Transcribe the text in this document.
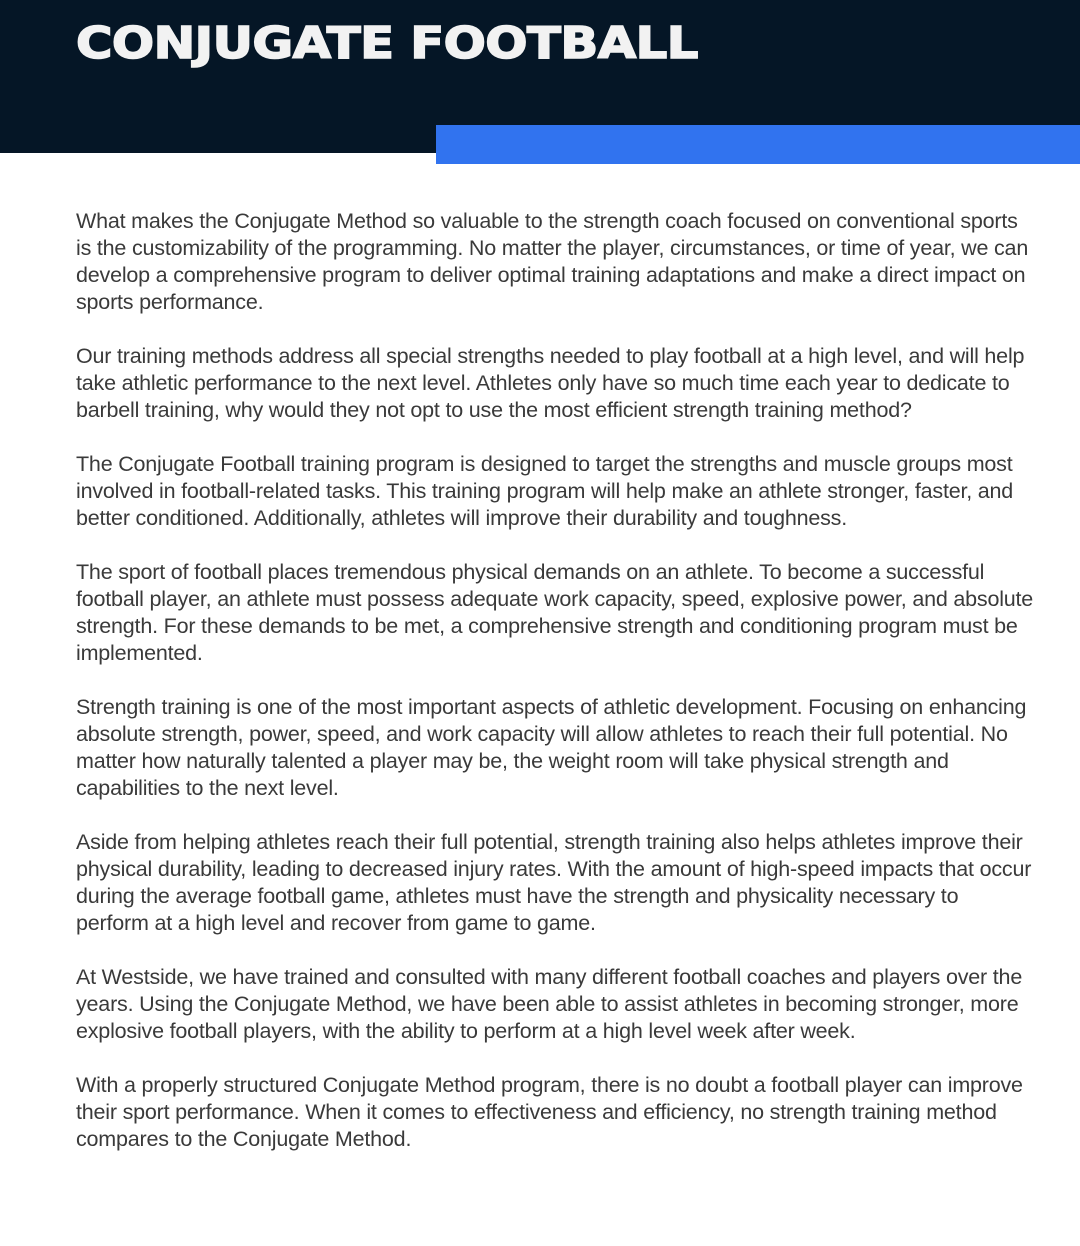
CONJUGATE FOOTBALL

What makes the Conjugate Method so valuable to the strength coach focused on conventional sports is the customizability of the programming. No matter the player, circumstances, or time of year, we can develop a comprehensive program to deliver optimal training adaptations and make a direct impact on sports performance.

Our training methods address all special strengths needed to play football at a high level, and will help take athletic performance to the next level. Athletes only have so much time each year to dedicate to barbell training, why would they not opt to use the most efficient strength training method?

The Conjugate Football training program is designed to target the strengths and muscle groups most involved in football-related tasks. This training program will help make an athlete stronger, faster, and better conditioned. Additionally, athletes will improve their durability and toughness.

The sport of football places tremendous physical demands on an athlete. To become a successful football player, an athlete must possess adequate work capacity, speed, explosive power, and absolute strength. For these demands to be met, a comprehensive strength and conditioning program must be implemented.

Strength training is one of the most important aspects of athletic development. Focusing on enhancing absolute strength, power, speed, and work capacity will allow athletes to reach their full potential. No matter how naturally talented a player may be, the weight room will take physical strength and capabilities to the next level.

Aside from helping athletes reach their full potential, strength training also helps athletes improve their physical durability, leading to decreased injury rates. With the amount of high-speed impacts that occur during the average football game, athletes must have the strength and physicality necessary to perform at a high level and recover from game to game.

At Westside, we have trained and consulted with many different football coaches and players over the years. Using the Conjugate Method, we have been able to assist athletes in becoming stronger, more explosive football players, with the ability to perform at a high level week after week.

With a properly structured Conjugate Method program, there is no doubt a football player can improve their sport performance. When it comes to effectiveness and efficiency, no strength training method compares to the Conjugate Method.
